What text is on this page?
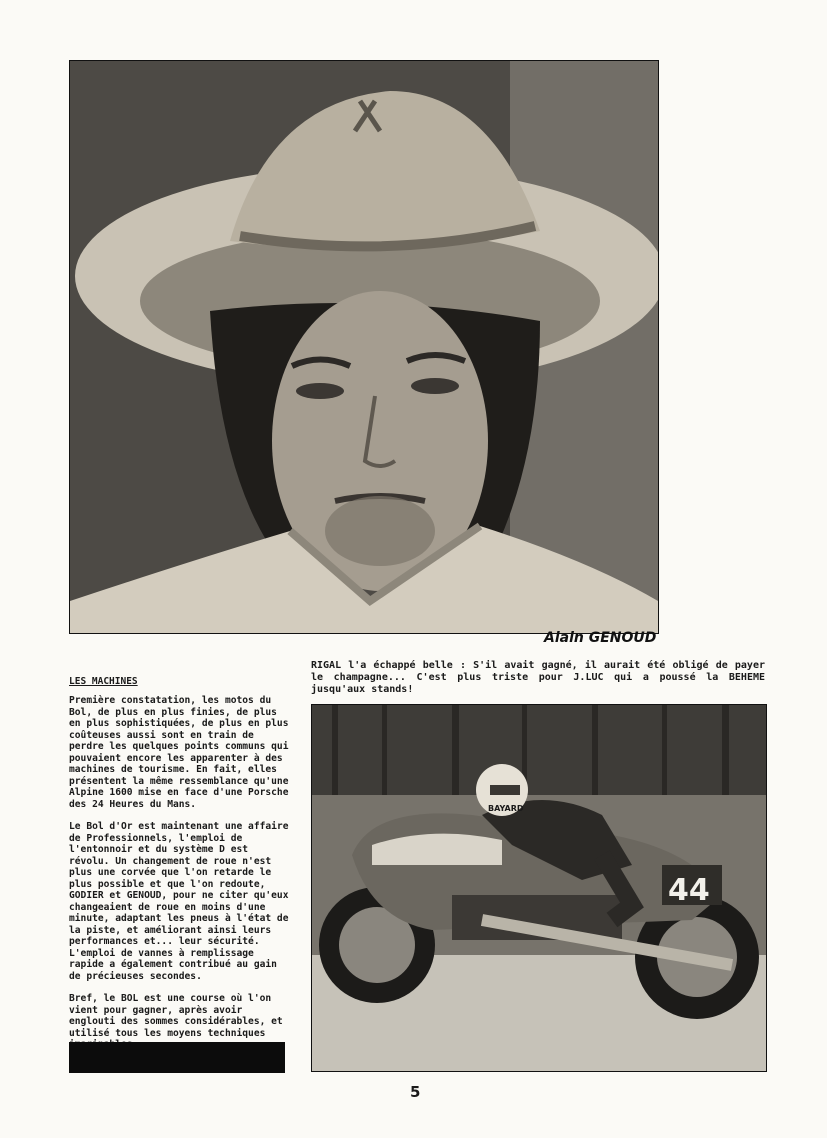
Alain GENOUD
LES MACHINES

Première constatation, les motos du Bol, de plus en plus finies, de plus en plus sophistiquées, de plus en plus coûteuses aussi sont en train de perdre les quelques points communs qui pouvaient encore les apparenter à des machines de tourisme. En fait, elles présentent la même ressemblance qu'une Alpine 1600 mise en face d'une Porsche des 24 Heures du Mans.

Le Bol d'Or est maintenant une affaire de Professionnels, l'emploi de l'entonnoir et du système D est révolu. Un changement de roue n'est plus une corvée que l'on retarde le plus possible et que l'on redoute, GODIER et GENOUD, pour ne citer qu'eux changeaient de roue en moins d'une minute, adaptant les pneus à l'état de la piste, et améliorant ainsi leurs performances et... leur sécurité. L'emploi de vannes à remplissage rapide a également contribué au gain de précieuses secondes.

Bref, le BOL est une course où l'on vient pour gagner, après avoir englouti des sommes considérables, et utilisé tous les moyens techniques

RIGAL l'a échappé belle : S'il avait gagné, il aurait été obligé de payer le champagne... C'est plus triste pour J.LUC qui a poussé la BEHEME jusqu'aux stands!
44
BAYARD
5
